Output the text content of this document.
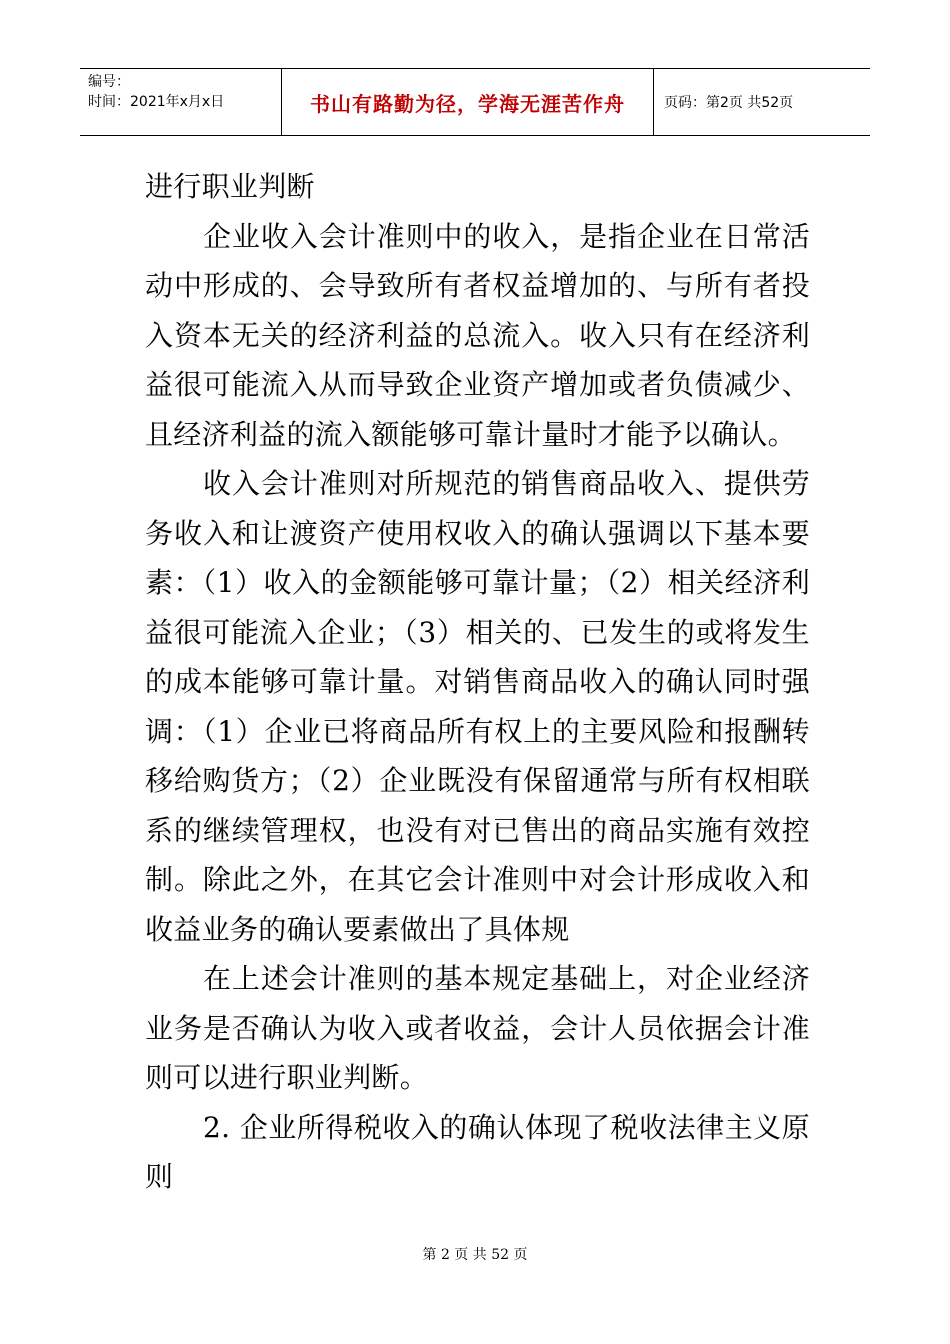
编号：
时间：2021年x月x日	书山有路勤为径，学海无涯苦作舟	页码：第2页 共52页

进行职业判断

企业收入会计准则中的收入，是指企业在日常活动中形成的、会导致所有者权益增加的、与所有者投入资本无关的经济利益的总流入。收入只有在经济利益很可能流入从而导致企业资产增加或者负债减少、且经济利益的流入额能够可靠计量时才能予以确认。

收入会计准则对所规范的销售商品收入、提供劳务收入和让渡资产使用权收入的确认强调以下基本要素：（1）收入的金额能够可靠计量；（2）相关经济利益很可能流入企业；（3）相关的、已发生的或将发生的成本能够可靠计量。对销售商品收入的确认同时强调：（1）企业已将商品所有权上的主要风险和报酬转移给购货方；（2）企业既没有保留通常与所有权相联系的继续管理权，也没有对已售出的商品实施有效控制。除此之外，在其它会计准则中对会计形成收入和收益业务的确认要素做出了具体规

在上述会计准则的基本规定基础上，对企业经济业务是否确认为收入或者收益，会计人员依据会计准则可以进行职业判断。

2. 企业所得税收入的确认体现了税收法律主义原则

第 2 页 共 52 页
